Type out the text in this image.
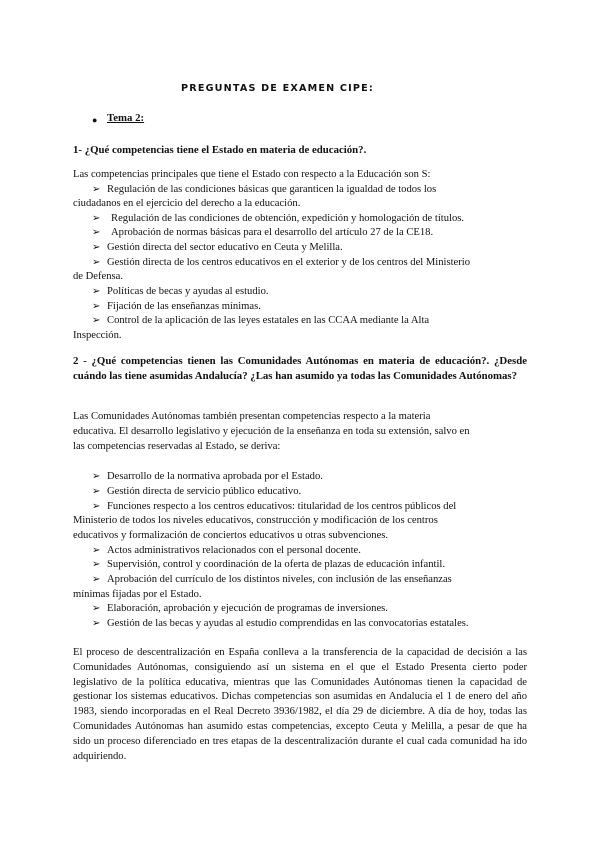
PREGUNTAS DE EXAMEN CIPE:
● Tema 2:
1- ¿Qué competencias tiene el Estado en materia de educación?.
Las competencias principales que tiene el Estado con respecto a la Educación son S:
➢ Regulación de las condiciones básicas que garanticen la igualdad de todos los
ciudadanos en el ejercicio del derecho a la educación.
➢ Regulación de las condiciones de obtención, expedición y homologación de títulos.
➢ Aprobación de normas básicas para el desarrollo del artículo 27 de la CE18.
➢ Gestión directa del sector educativo en Ceuta y Melilla.
➢ Gestión directa de los centros educativos en el exterior y de los centros del Ministerio
de Defensa.
➢ Políticas de becas y ayudas al estudio.
➢ Fijación de las enseñanzas mínimas.
➢ Control de la aplicación de las leyes estatales en las CCAA mediante la Alta
Inspección.
2 - ¿Qué competencias tienen las Comunidades Autónomas en materia de educación?. ¿Desde cuándo las tiene asumidas Andalucía? ¿Las han asumido ya todas las Comunidades Autónomas?
Las Comunidades Autónomas también presentan competencias respecto a la materia
educativa. El desarrollo legislativo y ejecución de la enseñanza en toda su extensión, salvo en
las competencias reservadas al Estado, se deriva:
➢ Desarrollo de la normativa aprobada por el Estado.
➢ Gestión directa de servicio público educativo.
➢ Funciones respecto a los centros educativos: titularidad de los centros públicos del
Ministerio de todos los niveles educativos, construcción y modificación de los centros
educativos y formalización de conciertos educativos u otras subvenciones.
➢ Actos administrativos relacionados con el personal docente.
➢ Supervisión, control y coordinación de la oferta de plazas de educación infantil.
➢ Aprobación del currículo de los distintos niveles, con inclusión de las enseñanzas
mínimas fijadas por el Estado.
➢ Elaboración, aprobación y ejecución de programas de inversiones.
➢ Gestión de las becas y ayudas al estudio comprendidas en las convocatorias estatales.
El proceso de descentralización en España conlleva a la transferencia de la capacidad de decisión a las Comunidades Autónomas, consiguiendo así un sistema en el que el Estado Presenta cierto poder legislativo de la política educativa, mientras que las Comunidades Autónomas tienen la capacidad de gestionar los sistemas educativos. Dichas competencias son asumidas en Andalucía el 1 de enero del año 1983, siendo incorporadas en el Real Decreto 3936/1982, el día 29 de diciembre. A día de hoy, todas las Comunidades Autónomas han asumido estas competencias, excepto Ceuta y Melilla, a pesar de que ha sido un proceso diferenciado en tres etapas de la descentralización durante el cual cada comunidad ha ido adquiriendo.
